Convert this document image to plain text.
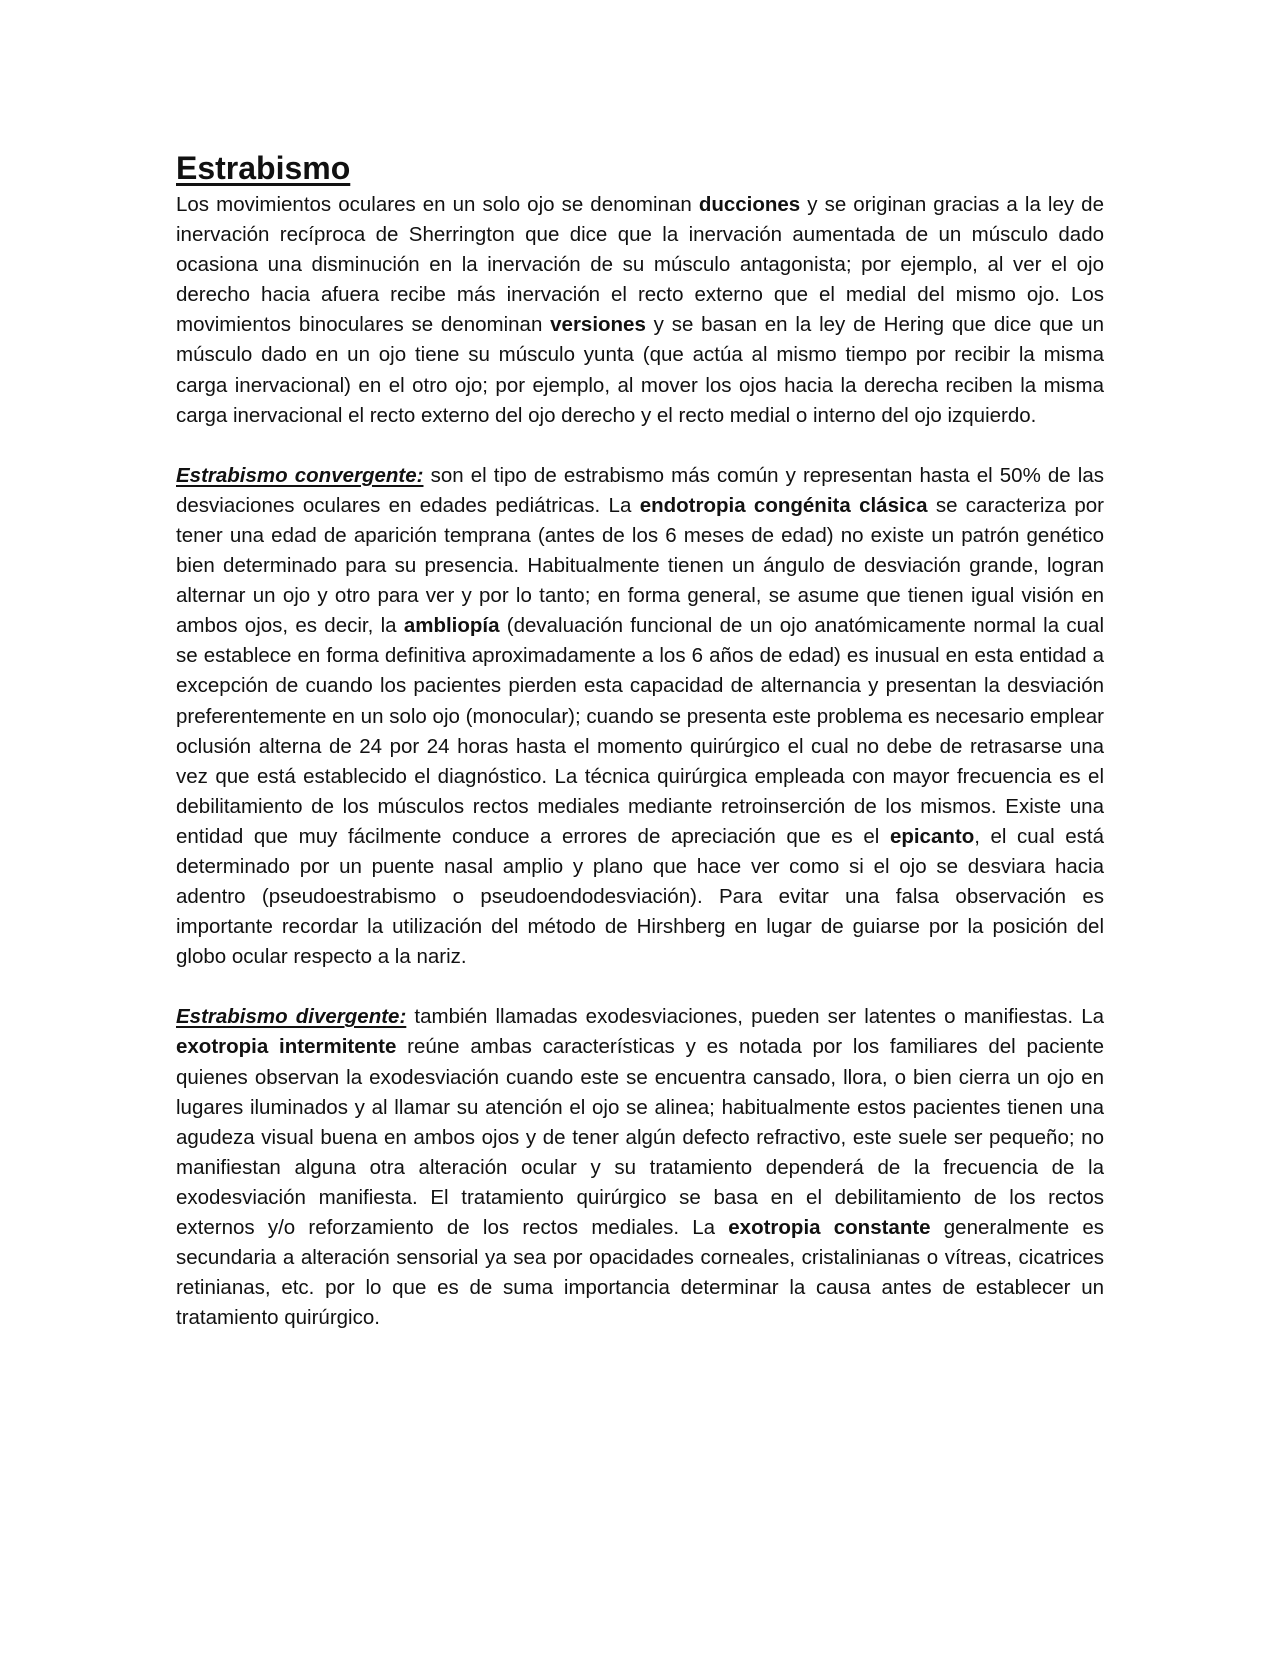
Estrabismo

Los movimientos oculares en un solo ojo se denominan ducciones y se originan gracias a la ley de inervación recíproca de Sherrington que dice que la inervación aumentada de un músculo dado ocasiona una disminución en la inervación de su músculo antagonista; por ejemplo, al ver el ojo derecho hacia afuera recibe más inervación el recto externo que el medial del mismo ojo. Los movimientos binoculares se denominan versiones y se basan en la ley de Hering que dice que un músculo dado en un ojo tiene su músculo yunta (que actúa al mismo tiempo por recibir la misma carga inervacional) en el otro ojo; por ejemplo, al mover los ojos hacia la derecha reciben la misma carga inervacional el recto externo del ojo derecho y el recto medial o interno del ojo izquierdo.

Estrabismo convergente: son el tipo de estrabismo más común y representan hasta el 50% de las desviaciones oculares en edades pediátricas. La endotropia congénita clásica se caracteriza por tener una edad de aparición temprana (antes de los 6 meses de edad) no existe un patrón genético bien determinado para su presencia. Habitualmente tienen un ángulo de desviación grande, logran alternar un ojo y otro para ver y por lo tanto; en forma general, se asume que tienen igual visión en ambos ojos, es decir, la ambliopía (devaluación funcional de un ojo anatómicamente normal la cual se establece en forma definitiva aproximadamente a los 6 años de edad) es inusual en esta entidad a excepción de cuando los pacientes pierden esta capacidad de alternancia y presentan la desviación preferentemente en un solo ojo (monocular); cuando se presenta este problema es necesario emplear oclusión alterna de 24 por 24 horas hasta el momento quirúrgico el cual no debe de retrasarse una vez que está establecido el diagnóstico. La técnica quirúrgica empleada con mayor frecuencia es el debilitamiento de los músculos rectos mediales mediante retroinserción de los mismos. Existe una entidad que muy fácilmente conduce a errores de apreciación que es el epicanto, el cual está determinado por un puente nasal amplio y plano que hace ver como si el ojo se desviara hacia adentro (pseudoestrabismo o pseudoendodesviación). Para evitar una falsa observación es importante recordar la utilización del método de Hirshberg en lugar de guiarse por la posición del globo ocular respecto a la nariz.

Estrabismo divergente: también llamadas exodesviaciones, pueden ser latentes o manifiestas. La exotropia intermitente reúne ambas características y es notada por los familiares del paciente quienes observan la exodesviación cuando este se encuentra cansado, llora, o bien cierra un ojo en lugares iluminados y al llamar su atención el ojo se alinea; habitualmente estos pacientes tienen una agudeza visual buena en ambos ojos y de tener algún defecto refractivo, este suele ser pequeño; no manifiestan alguna otra alteración ocular y su tratamiento dependerá de la frecuencia de la exodesviación manifiesta. El tratamiento quirúrgico se basa en el debilitamiento de los rectos externos y/o reforzamiento de los rectos mediales. La exotropia constante generalmente es secundaria a alteración sensorial ya sea por opacidades corneales, cristalinianas o vítreas, cicatrices retinianas, etc. por lo que es de suma importancia determinar la causa antes de establecer un tratamiento quirúrgico.
